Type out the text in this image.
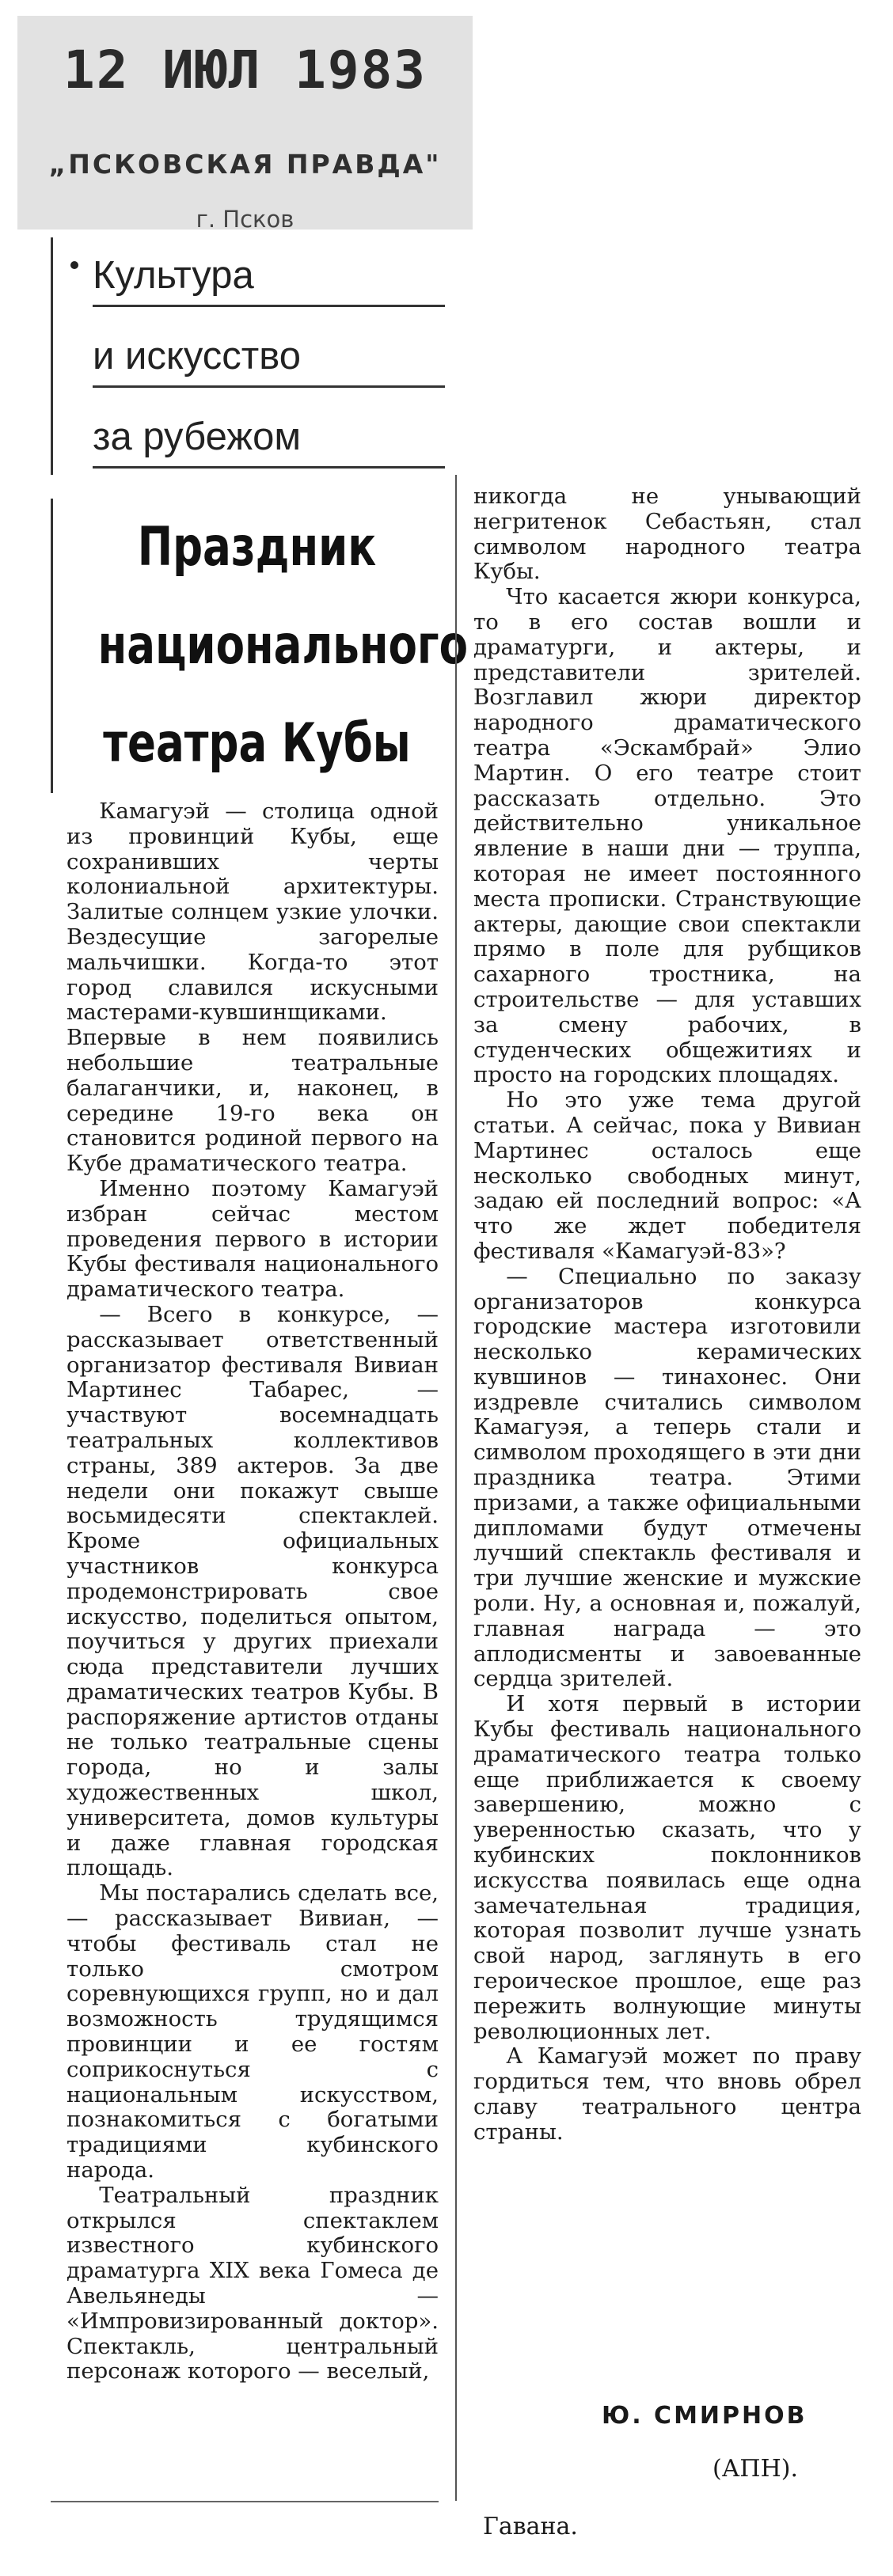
12 ИЮЛ 1983
„ПСКОВСКАЯ ПРАВДА"
г. Псков
Культура
и искусство
за рубежом
Праздник
национального
театра Кубы

Камагуэй — столица одной из провинций Кубы, еще сохранивших черты колониальной архитектуры. Залитые солнцем узкие улочки. Вездесущие загорелые мальчишки. Когда-то этот город славился искусными мастерами-кувшинщиками. Впервые в нем появились небольшие театральные балаганчики, и, наконец, в середине 19-го века он становится родиной первого на Кубе драматического театра.

Именно поэтому Камагуэй избран сейчас местом проведения первого в истории Кубы фестиваля национального драматического театра.

— Всего в конкурсе, — рассказывает ответственный организатор фестиваля Вивиан Мартинес Табарес, — участвуют восемнадцать театральных коллективов страны, 389 актеров. За две недели они покажут свыше восьмидесяти спектаклей. Кроме официальных участников конкурса продемонстрировать свое искусство, поделиться опытом, поучиться у других приехали сюда представители лучших драматических театров Кубы. В распоряжение артистов отданы не только театральные сцены города, но и залы художественных школ, университета, домов культуры и даже главная городская площадь.

Мы постарались сделать все, — рассказывает Вивиан, — чтобы фестиваль стал не только смотром соревнующихся групп, но и дал возможность трудящимся провинции и ее гостям соприкоснуться с национальным искусством, познакомиться с богатыми традициями кубинского народа.

Театральный праздник открылся спектаклем известного кубинского драматурга XIX века Гомеса де Авельянеды — «Импровизированный доктор». Спектакль, центральный персонаж которого — веселый,

никогда не унывающий негритенок Себастьян, стал символом народного театра Кубы.

Что касается жюри конкурса, то в его состав вошли и драматурги, и актеры, и представители зрителей. Возглавил жюри директор народного драматического театра «Эскамбрай» Элио Мартин. О его театре стоит рассказать отдельно. Это действительно уникальное явление в наши дни — труппа, которая не имеет постоянного места прописки. Странствующие актеры, дающие свои спектакли прямо в поле для рубщиков сахарного тростника, на строительстве — для уставших за смену рабочих, в студенческих общежитиях и просто на городских площадях.

Но это уже тема другой статьи. А сейчас, пока у Вивиан Мартинес осталось еще несколько свободных минут, задаю ей последний вопрос: «А что же ждет победителя фестиваля «Камагуэй-83»?

— Специально по заказу организаторов конкурса городские мастера изготовили несколько керамических кувшинов — тинахонес. Они издревле считались символом Камагуэя, а теперь стали и символом проходящего в эти дни праздника театра. Этими призами, а также официальными дипломами будут отмечены лучший спектакль фестиваля и три лучшие женские и мужские роли. Ну, а основная и, пожалуй, главная награда — это аплодисменты и завоеванные сердца зрителей.

И хотя первый в истории Кубы фестиваль национального драматического театра только еще приближается к своему завершению, можно с уверенностью сказать, что у кубинских поклонников искусства появилась еще одна замечательная традиция, которая позволит лучше узнать свой народ, заглянуть в его героическое прошлое, еще раз пережить волнующие минуты революционных лет.

А Камагуэй может по праву гордиться тем, что вновь обрел славу театрального центра страны.

Ю. СМИРНОВ
(АПН).
Гавана.
